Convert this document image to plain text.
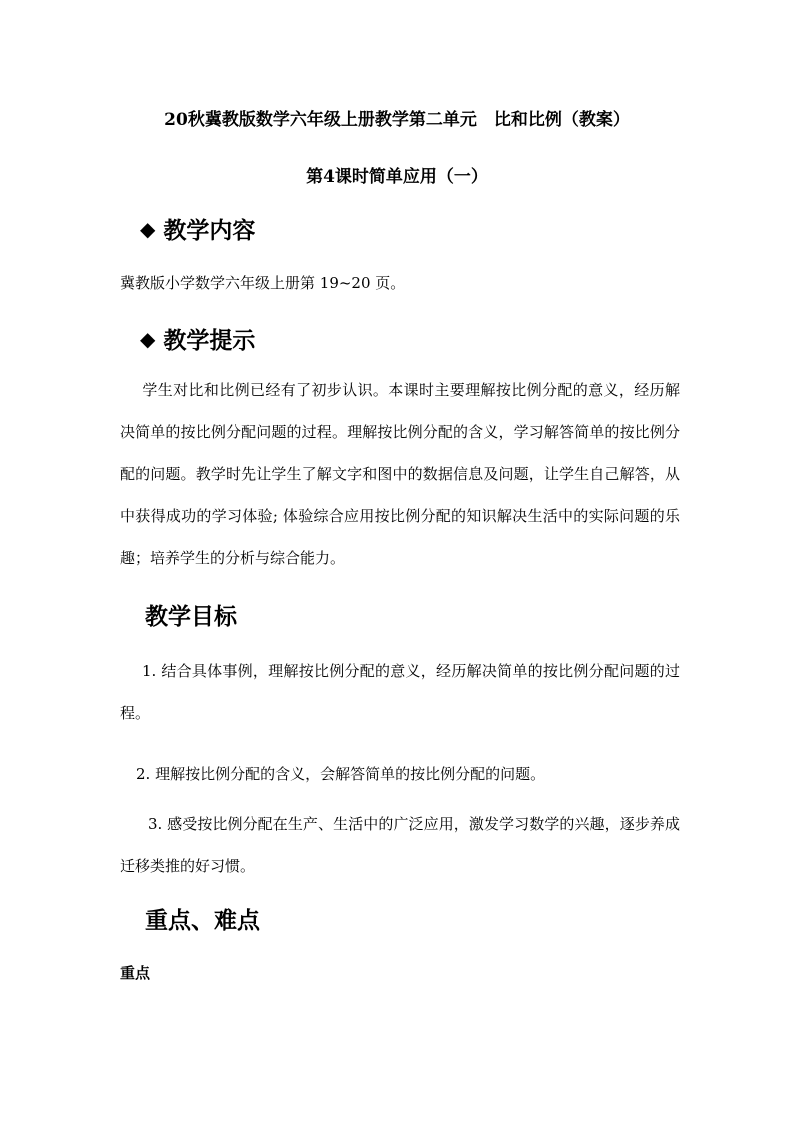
20秋冀教版数学六年级上册教学第二单元　比和比例（教案）
第4课时简单应用（一）
◆ 教学内容
冀教版小学数学六年级上册第 19~20 页。
◆ 教学提示
学生对比和比例已经有了初步认识。本课时主要理解按比例分配的意义，经历解决简单的按比例分配问题的过程。理解按比例分配的含义，学习解答简单的按比例分配的问题。教学时先让学生了解文字和图中的数据信息及问题，让学生自己解答，从中获得成功的学习体验; 体验综合应用按比例分配的知识解决生活中的实际问题的乐趣；培养学生的分析与综合能力。
教学目标
1. 结合具体事例，理解按比例分配的意义，经历解决简单的按比例分配问题的过程。
2. 理解按比例分配的含义，会解答简单的按比例分配的问题。
3. 感受按比例分配在生产、生活中的广泛应用，激发学习数学的兴趣，逐步养成迁移类推的好习惯。
重点、难点
重点
